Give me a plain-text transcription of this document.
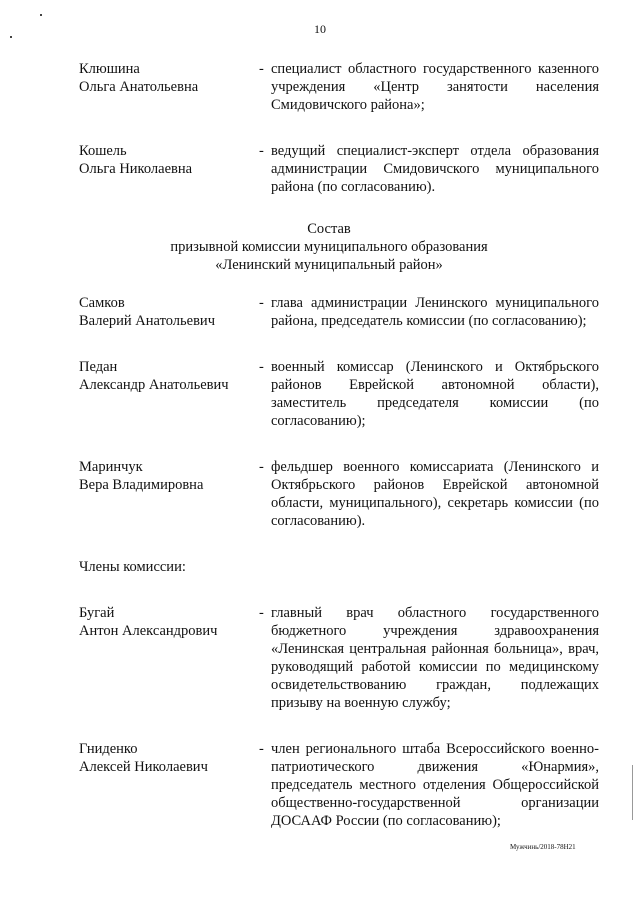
10
Клюшина
Ольга Анатольевна
- специалист областного государственного казенного учреждения «Центр занятости населения Смидовичского района»;
Кошель
Ольга Николаевна
- ведущий специалист-эксперт отдела образования администрации Смидовичского муниципального района (по согласованию).
Состав
призывной комиссии муниципального образования
«Ленинский муниципальный район»
Самков
Валерий Анатольевич
- глава администрации Ленинского муниципального района, председатель комиссии (по согласованию);
Педан
Александр Анатольевич
- военный комиссар (Ленинского и Октябрьского районов Еврейской автономной области), заместитель председателя комиссии (по согласованию);
Маринчук
Вера Владимировна
- фельдшер военного комиссариата (Ленинского и Октябрьского районов Еврейской автономной области, муниципального), секретарь комиссии (по согласованию).
Члены комиссии:
Бугай
Антон Александрович
- главный врач областного государственного бюджетного учреждения здравоохранения «Ленинская центральная районная больница», врач, руководящий работой комиссии по медицинскому освидетельствованию граждан, подлежащих призыву на военную службу;
Гниденко
Алексей Николаевич
- член регионального штаба Всероссийского военно-патриотического движения «Юнармия», председатель местного отделения Общероссийской общественно-государственной организации ДОСААФ России (по согласованию);
Мужчинь/2018-78Н21
